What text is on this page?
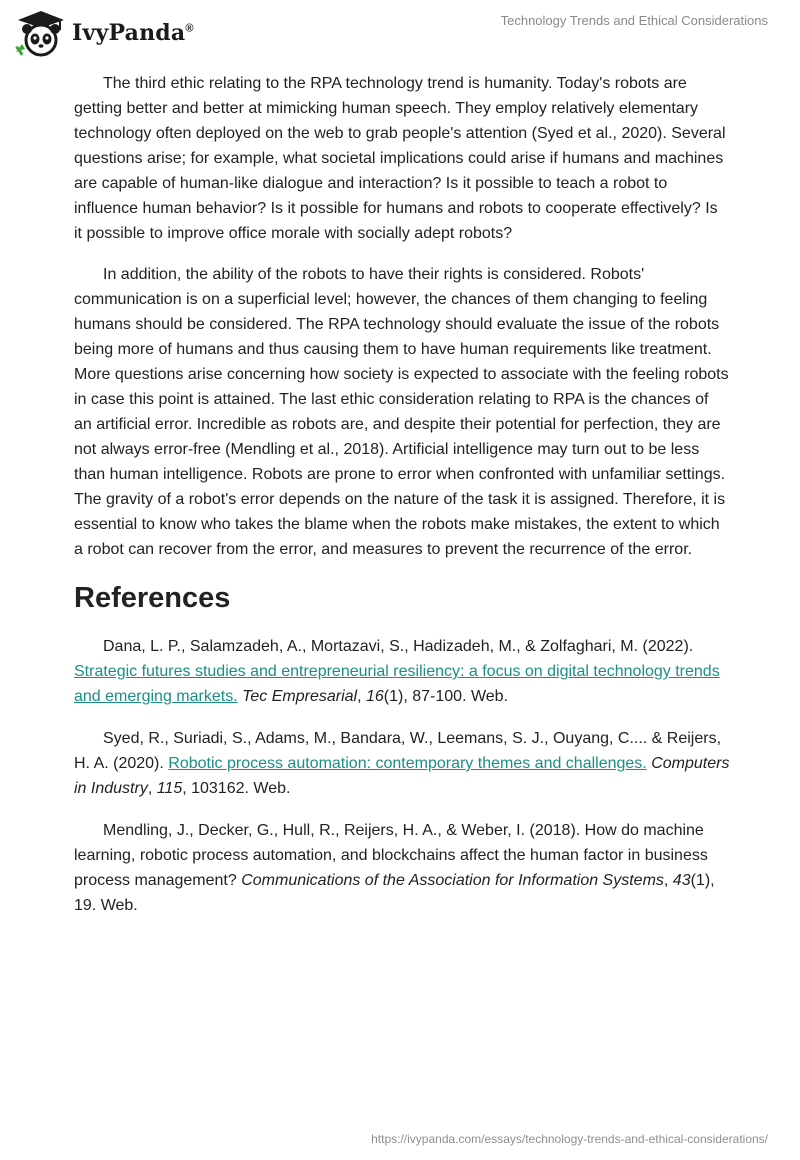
IvyPanda®
Technology Trends and Ethical Considerations

The third ethic relating to the RPA technology trend is humanity. Today's robots are getting better and better at mimicking human speech. They employ relatively elementary technology often deployed on the web to grab people's attention (Syed et al., 2020). Several questions arise; for example, what societal implications could arise if humans and machines are capable of human-like dialogue and interaction? Is it possible to teach a robot to influence human behavior? Is it possible for humans and robots to cooperate effectively? Is it possible to improve office morale with socially adept robots?

In addition, the ability of the robots to have their rights is considered. Robots' communication is on a superficial level; however, the chances of them changing to feeling humans should be considered. The RPA technology should evaluate the issue of the robots being more of humans and thus causing them to have human requirements like treatment. More questions arise concerning how society is expected to associate with the feeling robots in case this point is attained. The last ethic consideration relating to RPA is the chances of an artificial error. Incredible as robots are, and despite their potential for perfection, they are not always error-free (Mendling et al., 2018). Artificial intelligence may turn out to be less than human intelligence. Robots are prone to error when confronted with unfamiliar settings. The gravity of a robot's error depends on the nature of the task it is assigned. Therefore, it is essential to know who takes the blame when the robots make mistakes, the extent to which a robot can recover from the error, and measures to prevent the recurrence of the error.

References

Dana, L. P., Salamzadeh, A., Mortazavi, S., Hadizadeh, M., & Zolfaghari, M. (2022). Strategic futures studies and entrepreneurial resiliency: a focus on digital technology trends and emerging markets. Tec Empresarial, 16(1), 87-100. Web.

Syed, R., Suriadi, S., Adams, M., Bandara, W., Leemans, S. J., Ouyang, C.... & Reijers, H. A. (2020). Robotic process automation: contemporary themes and challenges. Computers in Industry, 115, 103162. Web.

Mendling, J., Decker, G., Hull, R., Reijers, H. A., & Weber, I. (2018). How do machine learning, robotic process automation, and blockchains affect the human factor in business process management? Communications of the Association for Information Systems, 43(1), 19. Web.

https://ivypanda.com/essays/technology-trends-and-ethical-considerations/
